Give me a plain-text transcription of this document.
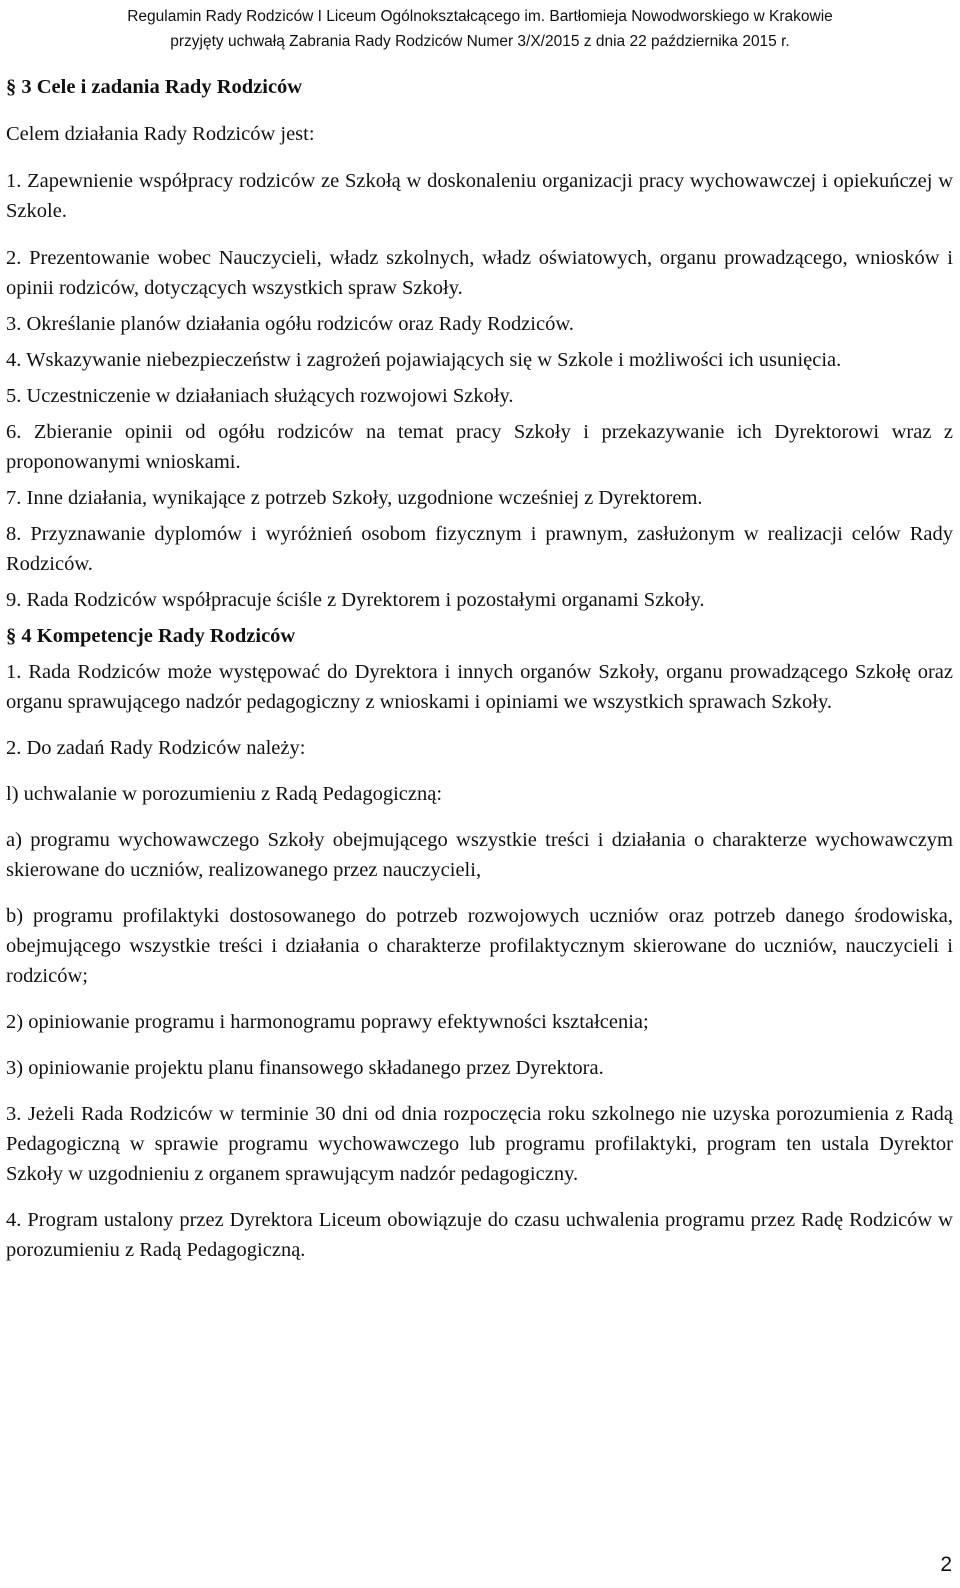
Regulamin Rady Rodziców I Liceum Ogólnokształcącego im. Bartłomieja Nowodworskiego w Krakowie
przyjęty uchwałą Zabrania Rady Rodziców Numer 3/X/2015 z dnia 22 października 2015 r.

§ 3 Cele i zadania Rady Rodziców

Celem działania Rady Rodziców jest:

1. Zapewnienie współpracy rodziców ze Szkołą w doskonaleniu organizacji pracy wychowawczej i opiekuńczej w Szkole.

2. Prezentowanie wobec Nauczycieli, władz szkolnych, władz oświatowych, organu prowadzącego, wniosków i opinii rodziców, dotyczących wszystkich spraw Szkoły.

3. Określanie planów działania ogółu rodziców oraz Rady Rodziców.

4. Wskazywanie niebezpieczeństw i zagrożeń pojawiających się w Szkole i możliwości ich usunięcia.

5. Uczestniczenie w działaniach służących rozwojowi Szkoły.

6. Zbieranie opinii od ogółu rodziców na temat pracy Szkoły i przekazywanie ich Dyrektorowi wraz z proponowanymi wnioskami.

7. Inne działania, wynikające z potrzeb Szkoły, uzgodnione wcześniej z Dyrektorem.

8. Przyznawanie dyplomów i wyróżnień osobom fizycznym i prawnym, zasłużonym w realizacji celów Rady Rodziców.

9. Rada Rodziców współpracuje ściśle z Dyrektorem i pozostałymi organami Szkoły.

§ 4 Kompetencje Rady Rodziców

1. Rada Rodziców może występować do Dyrektora i innych organów Szkoły, organu prowadzącego Szkołę oraz organu sprawującego nadzór pedagogiczny z wnioskami i opiniami we wszystkich sprawach Szkoły.

2. Do zadań Rady Rodziców należy:

l) uchwalanie w porozumieniu z Radą Pedagogiczną:

a) programu wychowawczego Szkoły obejmującego wszystkie treści i działania o charakterze wychowawczym skierowane do uczniów, realizowanego przez nauczycieli,

b) programu profilaktyki dostosowanego do potrzeb rozwojowych uczniów oraz potrzeb danego środowiska, obejmującego wszystkie treści i działania o charakterze profilaktycznym skierowane do uczniów, nauczycieli i rodziców;

2) opiniowanie programu i harmonogramu poprawy efektywności kształcenia;

3) opiniowanie projektu planu finansowego składanego przez Dyrektora.

3. Jeżeli Rada Rodziców w terminie 30 dni od dnia rozpoczęcia roku szkolnego nie uzyska porozumienia z Radą Pedagogiczną w sprawie programu wychowawczego lub programu profilaktyki, program ten ustala Dyrektor Szkoły w uzgodnieniu z organem sprawującym nadzór pedagogiczny.

4. Program ustalony przez Dyrektora Liceum obowiązuje do czasu uchwalenia programu przez Radę Rodziców w porozumieniu z Radą Pedagogiczną.

2
